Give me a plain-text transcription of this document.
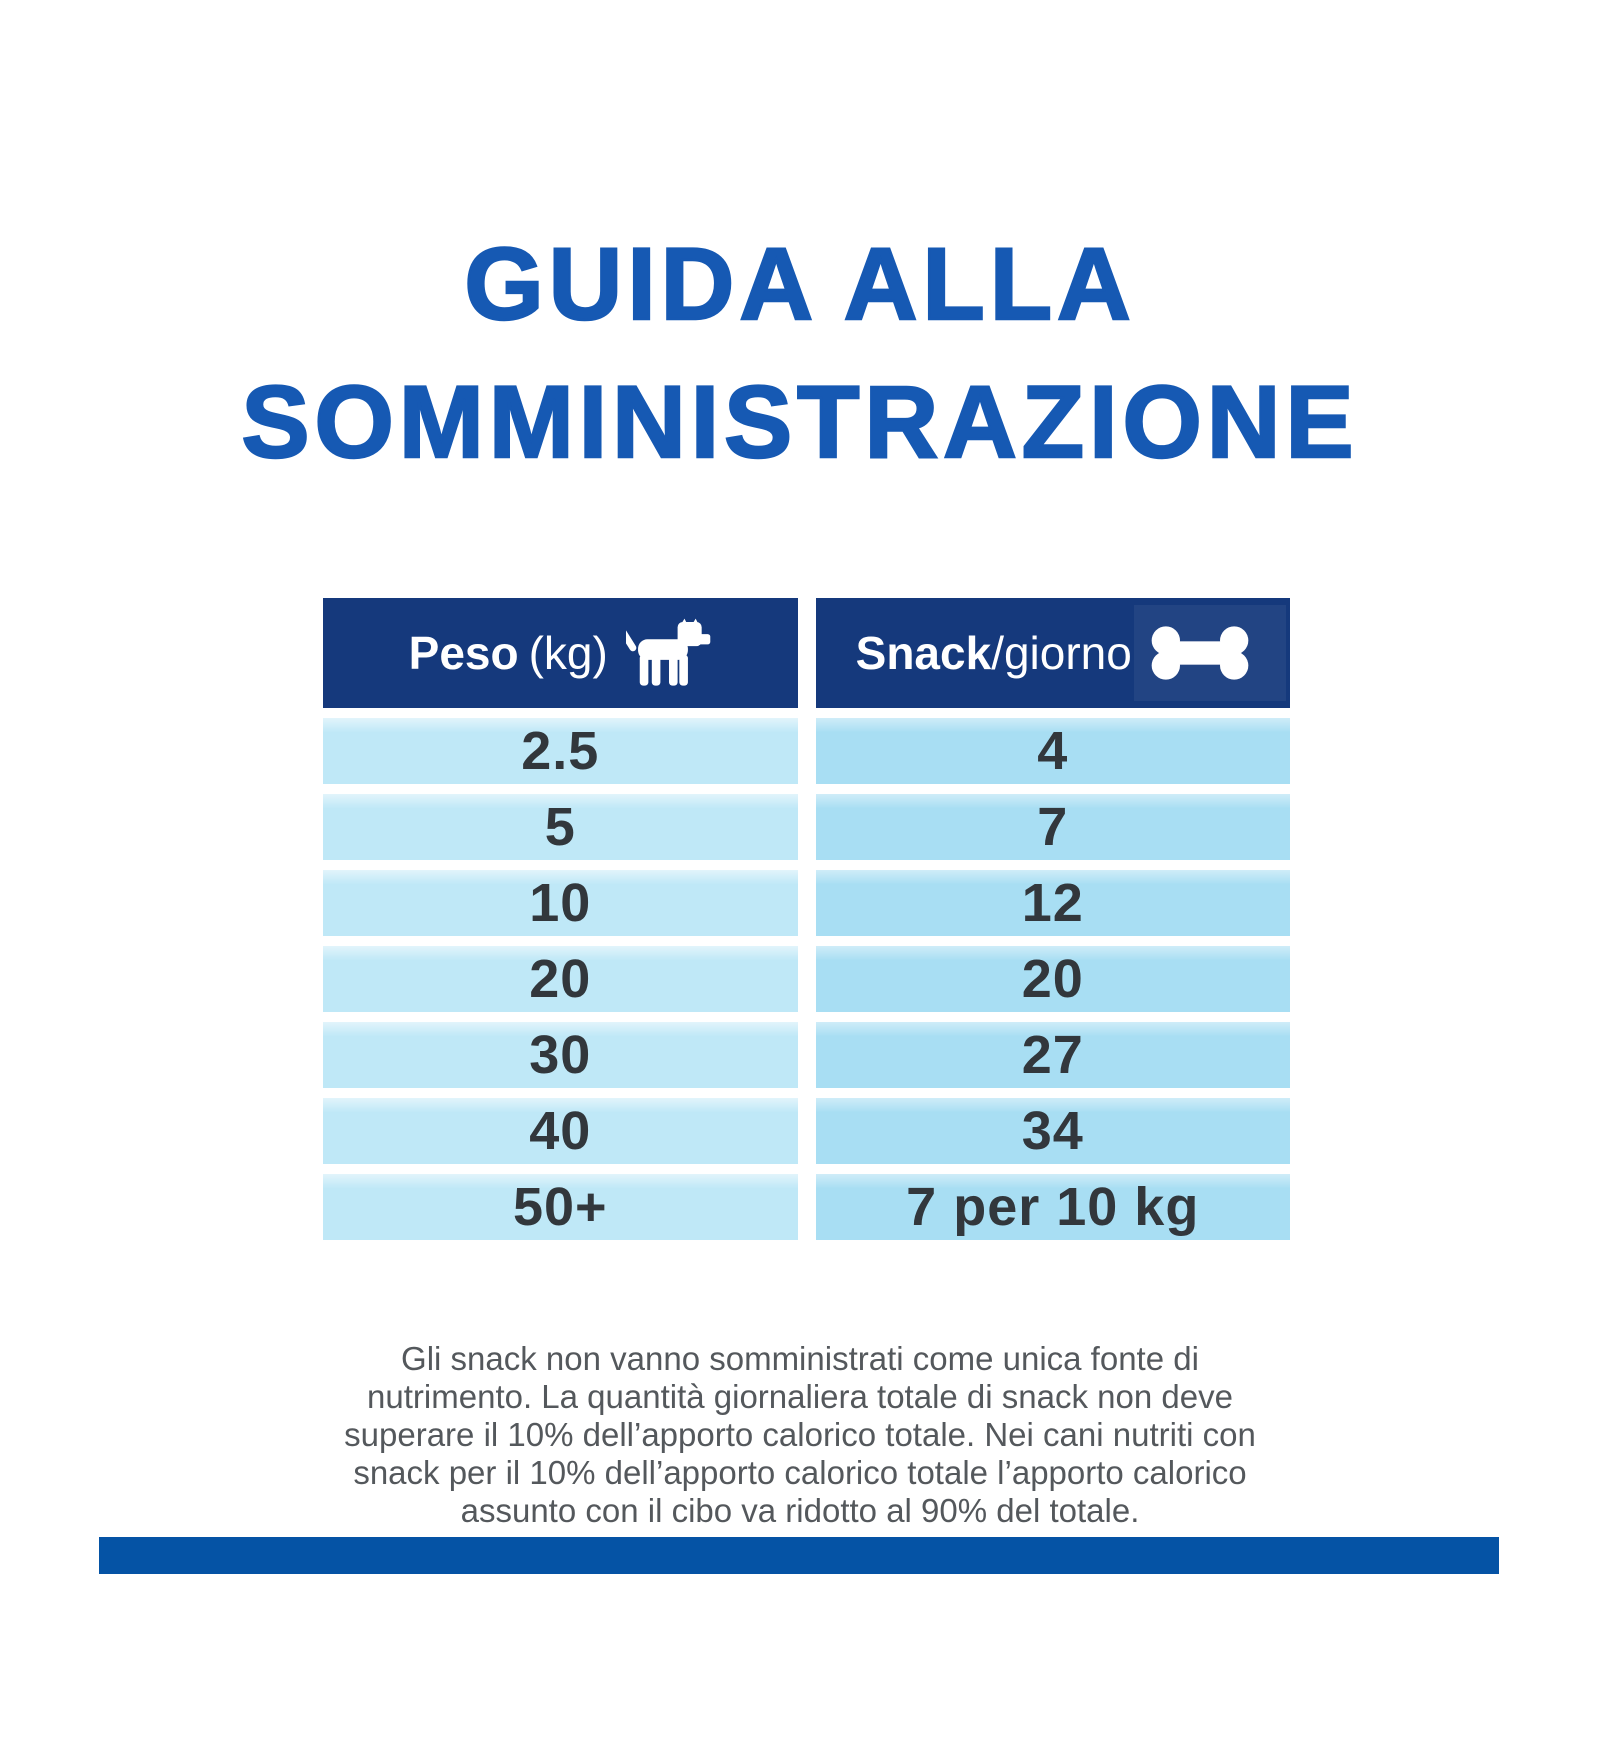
GUIDA ALLA
SOMMINISTRAZIONE
Peso (kg)	Snack /giorno
2.5	4
5	7
10	12
20	20
30	27
40	34
50+	7 per 10 kg
Gli snack non vanno somministrati come unica fonte di
nutrimento. La quantità giornaliera totale di snack non deve
superare il 10% dell’apporto calorico totale. Nei cani nutriti con
snack per il 10% dell’apporto calorico totale l’apporto calorico
assunto con il cibo va ridotto al 90% del totale.
